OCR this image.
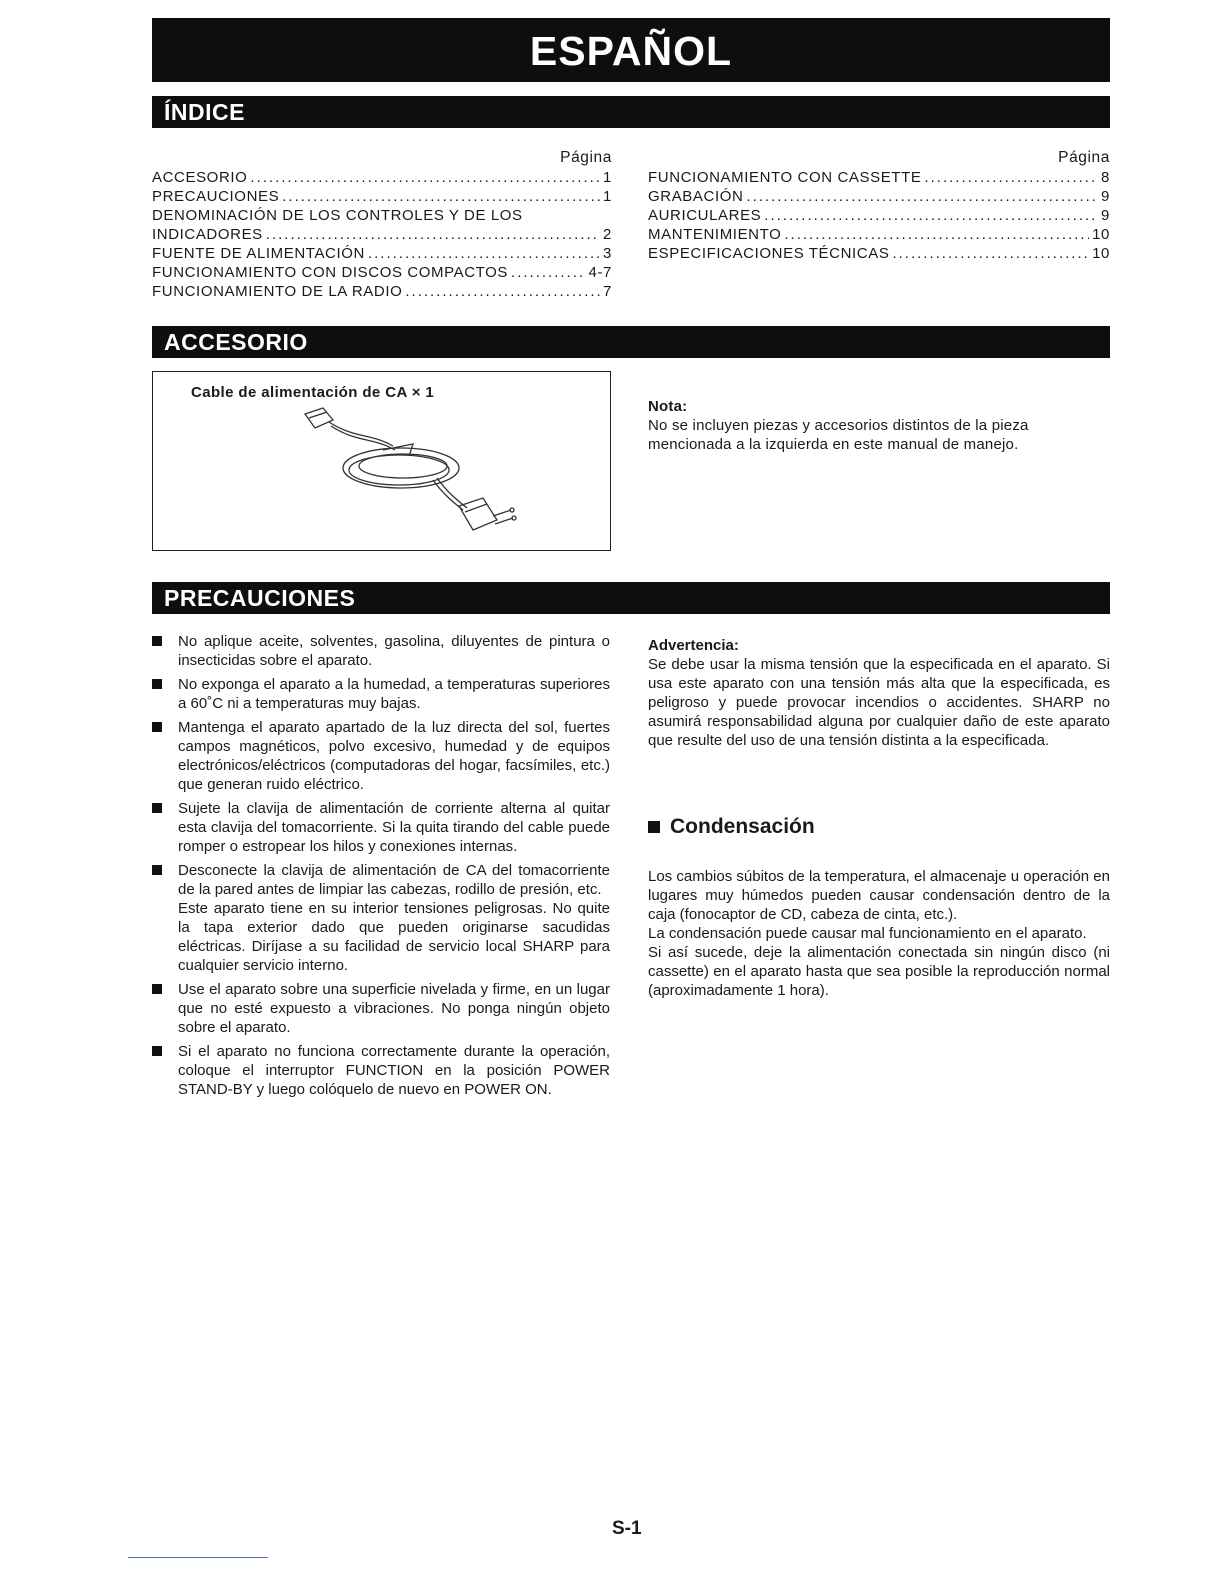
ESPAÑOL
ÍNDICE
Página
ACCESORIO .....	1
PRECAUCIONES .....	1
DENOMINACIÓN DE LOS CONTROLES Y DE LOS
INDICADORES .....	2
FUENTE DE ALIMENTACIÓN .....	3
FUNCIONAMIENTO CON DISCOS COMPACTOS .....	4-7
FUNCIONAMIENTO DE LA RADIO .....	7
Página
FUNCIONAMIENTO CON CASSETTE .....	8
GRABACIÓN .....	9
AURICULARES .....	9
MANTENIMIENTO .....	10
ESPECIFICACIONES TÉCNICAS .....	10
ACCESORIO
Cable de alimentación de CA × 1
Nota:
No se incluyen piezas y accesorios distintos de la pieza mencionada a la izquierda en este manual de manejo.
PRECAUCIONES
No aplique aceite, solventes, gasolina, diluyentes de pintura o insecticidas sobre el aparato.
No exponga el aparato a la humedad, a temperaturas superiores a 60˚C ni a temperaturas muy bajas.
Mantenga el aparato apartado de la luz directa del sol, fuertes campos magnéticos, polvo excesivo, humedad y de equipos electrónicos/eléctricos (computadoras del hogar, facsímiles, etc.) que generan ruido eléctrico.
Sujete la clavija de alimentación de corriente alterna al quitar esta clavija del tomacorriente. Si la quita tirando del cable puede romper o estropear los hilos y conexiones internas.
Desconecte la clavija de alimentación de CA del tomacorriente de la pared antes de limpiar las cabezas, rodillo de presión, etc.
Este aparato tiene en su interior tensiones peligrosas. No quite la tapa exterior dado que pueden originarse sacudidas eléctricas. Diríjase a su facilidad de servicio local SHARP para cualquier servicio interno.
Use el aparato sobre una superficie nivelada y firme, en un lugar que no esté expuesto a vibraciones. No ponga ningún objeto sobre el aparato.
Si el aparato no funciona correctamente durante la operación, coloque el interruptor FUNCTION en la posición POWER STAND-BY y luego colóquelo de nuevo en POWER ON.
Advertencia:
Se debe usar la misma tensión que la especificada en el aparato. Si usa este aparato con una tensión más alta que la especificada, es peligroso y puede provocar incendios o accidentes. SHARP no asumirá responsabilidad alguna por cualquier daño de este aparato que resulte del uso de una tensión distinta a la especificada.
Condensación

Los cambios súbitos de la temperatura, el almacenaje u operación en lugares muy húmedos pueden causar condensación dentro de la caja (fonocaptor de CD, cabeza de cinta, etc.).

La condensación puede causar mal funcionamiento en el aparato.

Si así sucede, deje la alimentación conectada sin ningún disco (ni cassette) en el aparato hasta que sea posible la reproducción normal (aproximadamente 1 hora).

S-1
